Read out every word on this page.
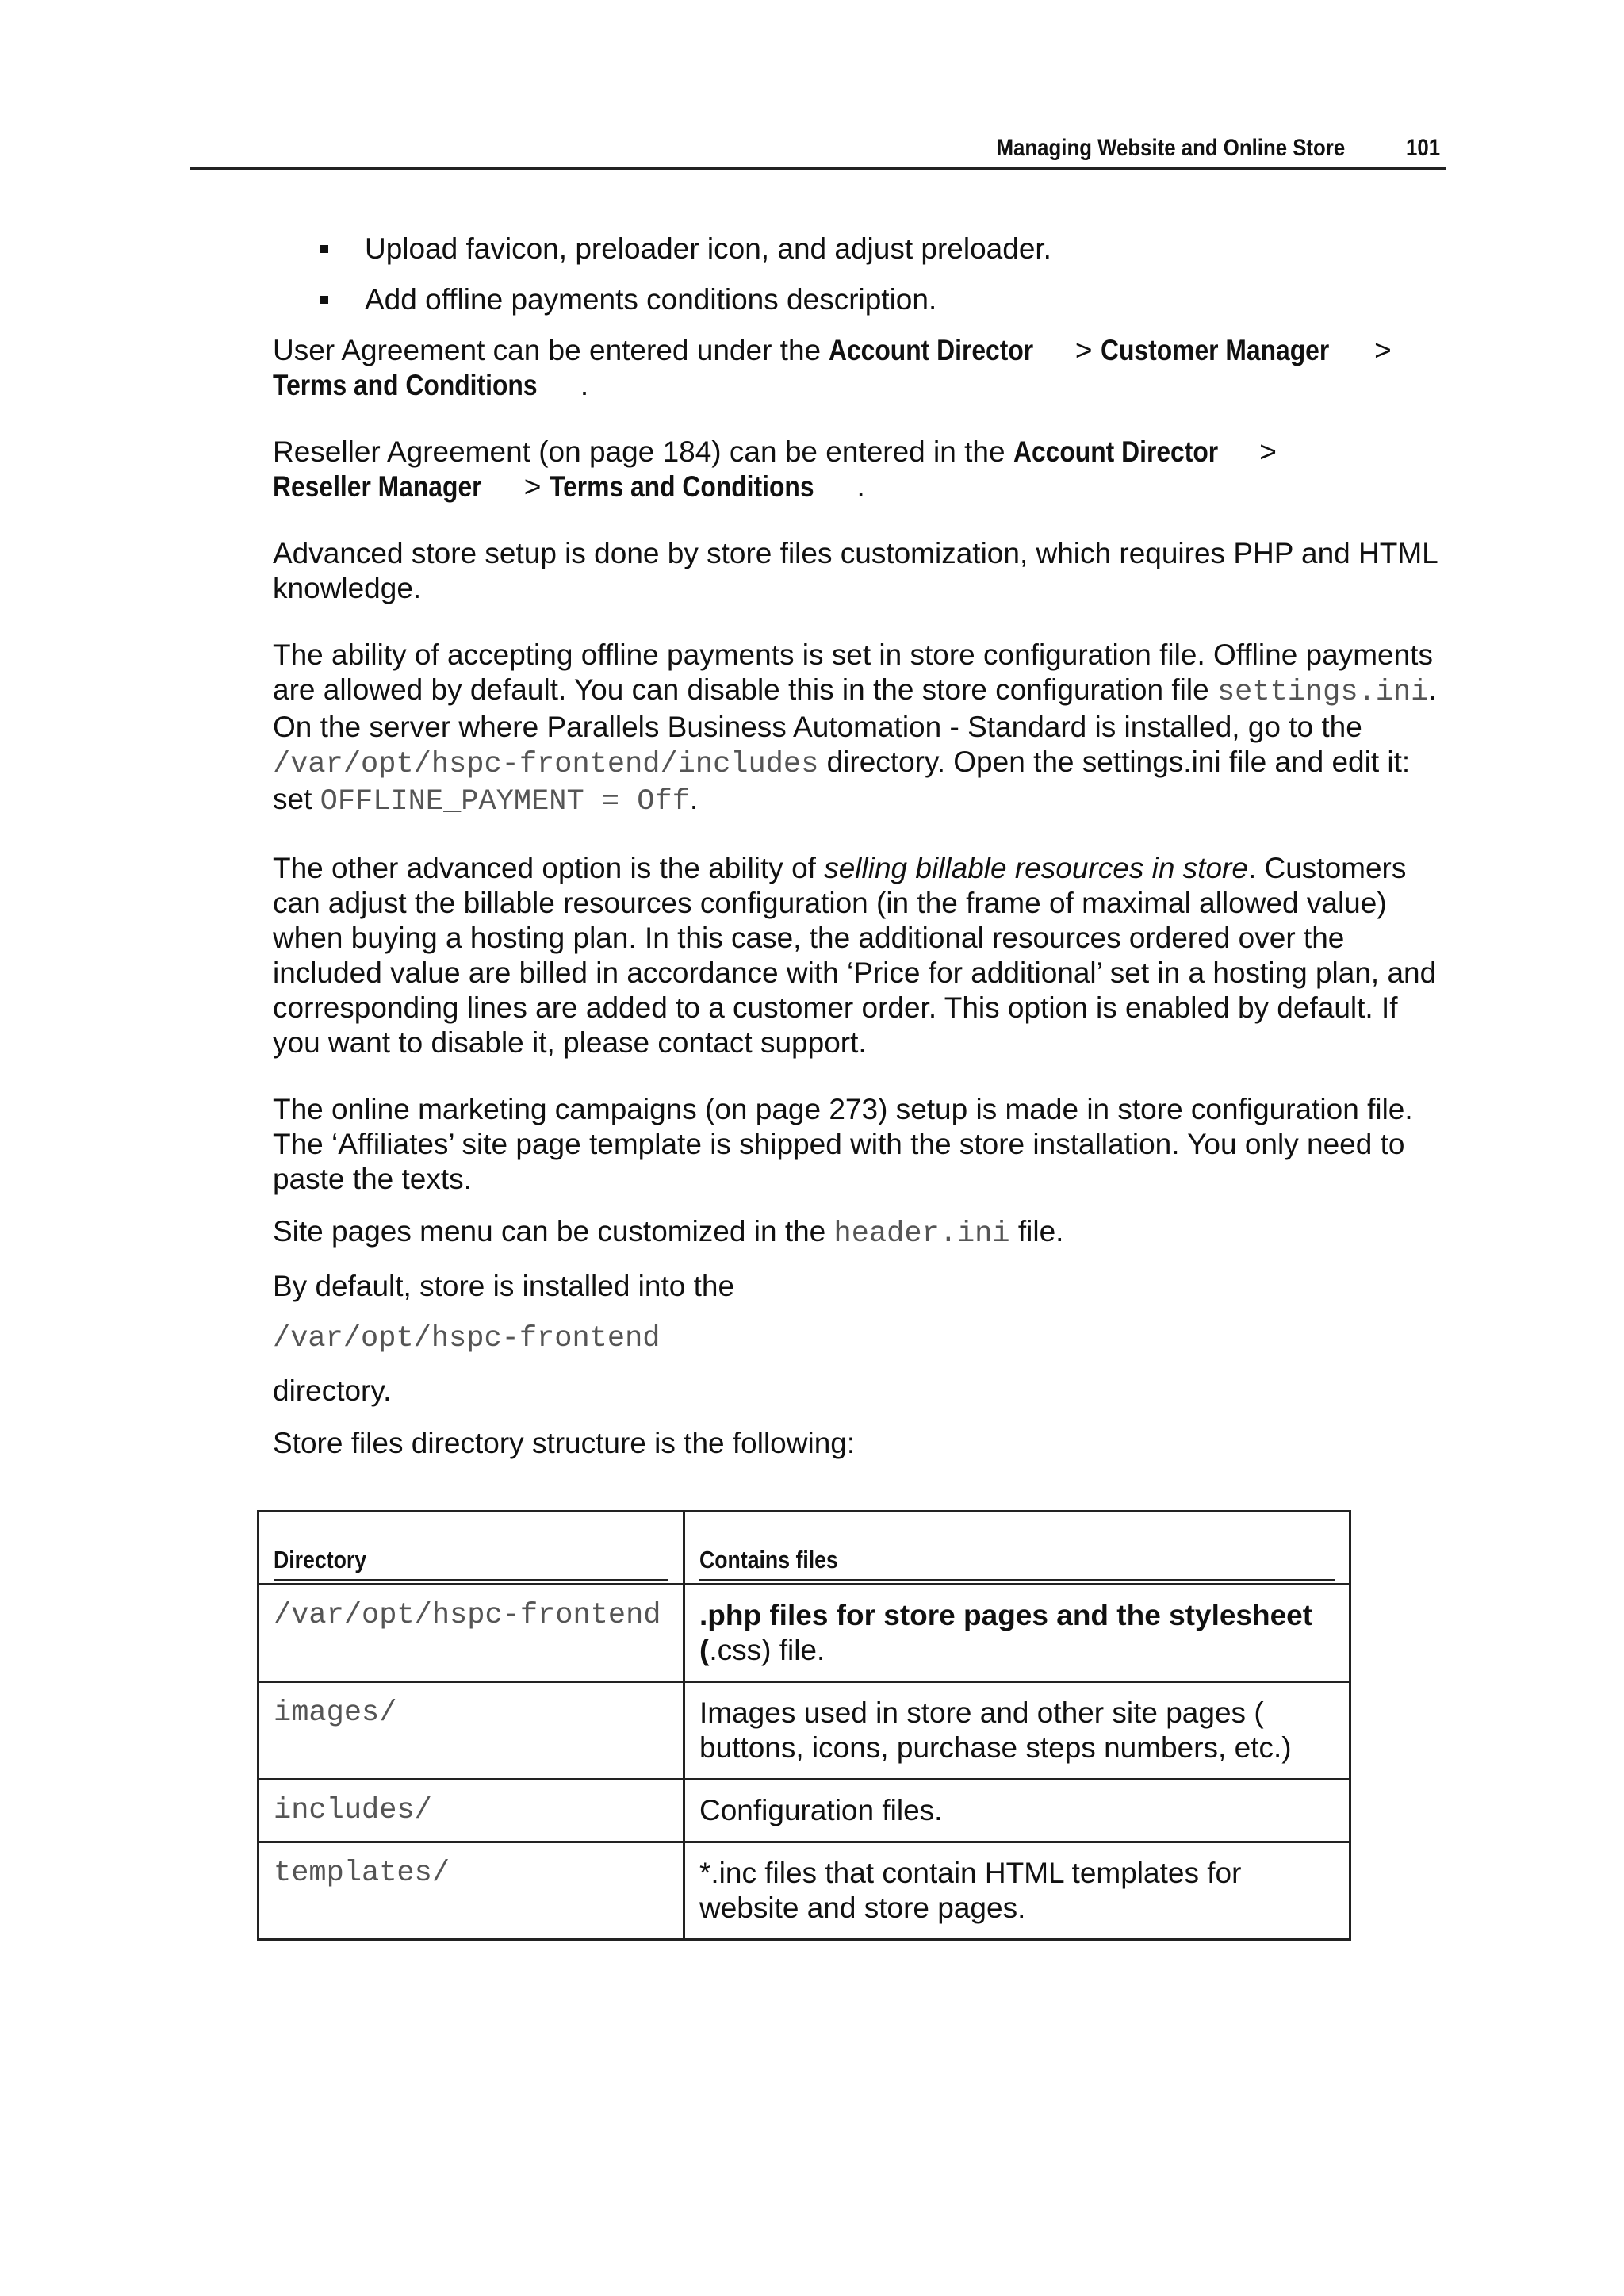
Managing Website and Online Store	101
Upload favicon, preloader icon, and adjust preloader.
Add offline payments conditions description.

User Agreement can be entered under the Account Director > Customer Manager > Terms and Conditions .

Reseller Agreement (on page 184) can be entered in the Account Director > Reseller Manager > Terms and Conditions .

Advanced store setup is done by store files customization, which requires PHP and HTML knowledge.

The ability of accepting offline payments is set in store configuration file. Offline payments are allowed by default. You can disable this in the store configuration file settings.ini. On the server where Parallels Business Automation - Standard is installed, go to the /var/opt/hspc-frontend/includes directory. Open the settings.ini file and edit it: set OFFLINE_PAYMENT = Off.

The other advanced option is the ability of selling billable resources in store. Customers can adjust the billable resources configuration (in the frame of maximal allowed value) when buying a hosting plan. In this case, the additional resources ordered over the included value are billed in accordance with ‘Price for additional’ set in a hosting plan, and corresponding lines are added to a customer order. This option is enabled by default. If you want to disable it, please contact support.

The online marketing campaigns (on page 273) setup is made in store configuration file. The ‘Affiliates’ site page template is shipped with the store installation. You only need to paste the texts.

Site pages menu can be customized in the header.ini file.

By default, store is installed into the

/var/opt/hspc-frontend

directory.

Store files directory structure is the following:

Directory	Contains files

/var/opt/hspc-frontend	.php files for store pages and the stylesheet (.css) file.
images/	Images used in store and other site pages ( buttons, icons, purchase steps numbers, etc.)
includes/	Configuration files.
templates/	*.inc files that contain HTML templates for website and store pages.
